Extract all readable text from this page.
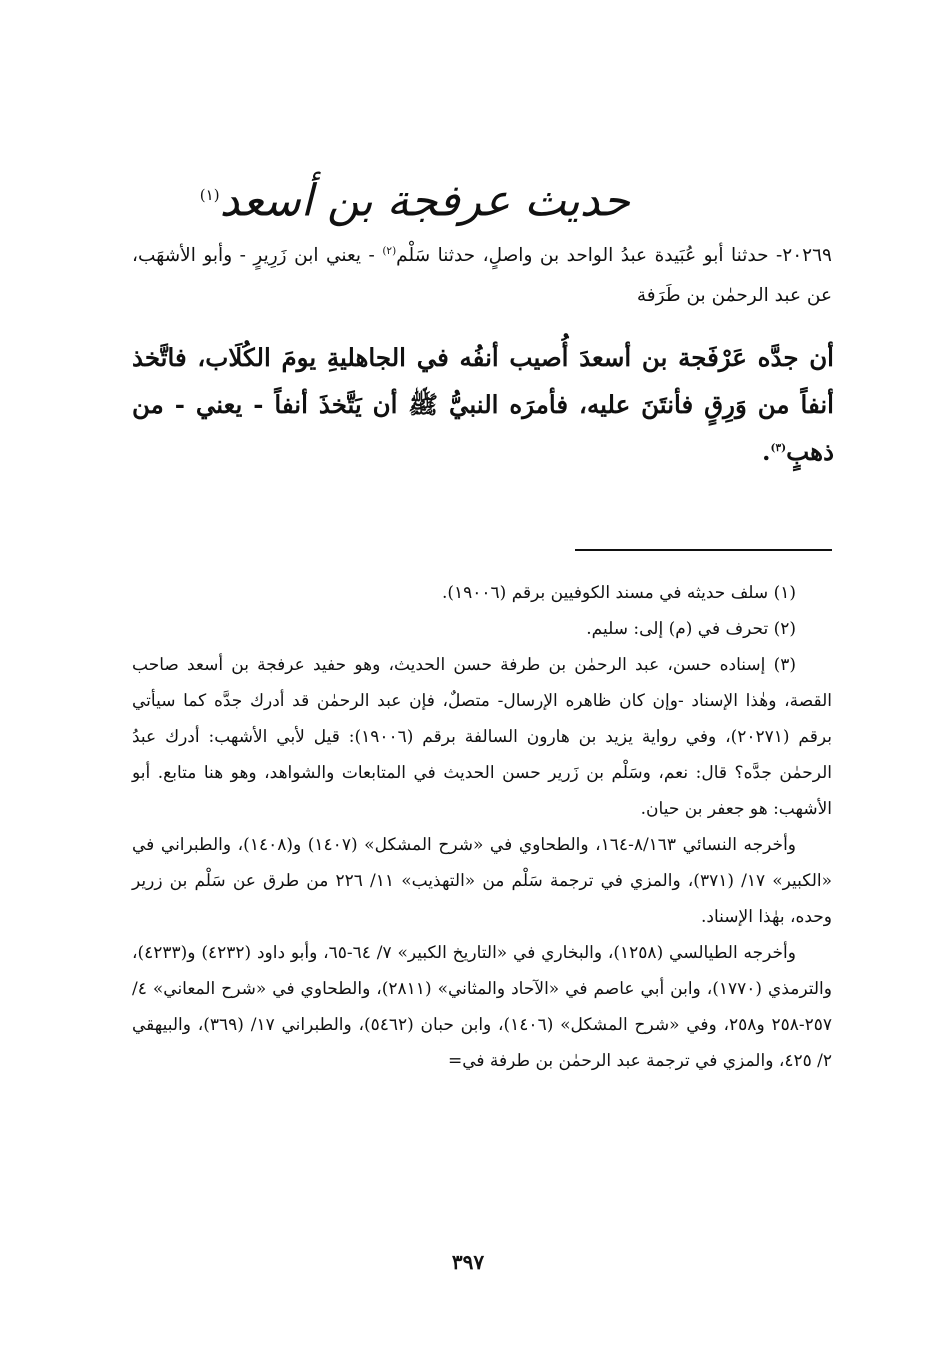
حديث عرفجة بن أسعد$^{(١)}$

٢٠٢٦٩- حدثنا أبو عُبَيدة عبدُ الواحد بن واصلٍ، حدثنا سَلْم$^{(٢)}$ - يعني ابن زَرِيرٍ - وأبو الأشهَب، عن عبد الرحمٰن بن طَرَفة

أن جدَّه عَرْفَجة بن أسعدَ أُصيب أنفُه في الجاهليةِ يومَ الكُلَاب، فاتَّخذ أنفاً من وَرِقٍ فأنتَنَ عليه، فأمرَه النبيُّ ﷺ أن يَتَّخذَ أنفاً - يعني - من ذهبٍ$^{(٣)}$.

(١) سلف حديثه في مسند الكوفيين برقم (١٩٠٠٦).

(٢) تحرف في (م) إلى: سليم.

(٣) إسناده حسن، عبد الرحمٰن بن طرفة حسن الحديث، وهو حفيد عرفجة بن أسعد صاحب القصة، وهٰذا الإسناد -وإن كان ظاهره الإرسال- متصلٌ، فإن عبد الرحمٰن قد أدرك جدَّه كما سيأتي برقم (٢٠٢٧١)، وفي رواية يزيد بن هارون السالفة برقم (١٩٠٠٦): قيل لأبي الأشهب: أدرك عبدُ الرحمٰن جدَّه؟ قال: نعم، وسَلْم بن زَرير حسن الحديث في المتابعات والشواهد، وهو هنا متابع. أبو الأشهب: هو جعفر بن حيان.

وأخرجه النسائي ٨/١٦٣-١٦٤، والطحاوي في «شرح المشكل» (١٤٠٧) و(١٤٠٨)، والطبراني في «الكبير» ١٧/ (٣٧١)، والمزي في ترجمة سَلْم من «التهذيب» ١١/ ٢٢٦ من طرق عن سَلْم بن زرير وحده، بهٰذا الإسناد.

وأخرجه الطيالسي (١٢٥٨)، والبخاري في «التاريخ الكبير» ٧/ ٦٤-٦٥، وأبو داود (٤٢٣٢) و(٤٢٣٣)، والترمذي (١٧٧٠)، وابن أبي عاصم في «الآحاد والمثاني» (٢٨١١)، والطحاوي في «شرح المعاني» ٤/ ٢٥٧-٢٥٨ و٢٥٨، وفي «شرح المشكل» (١٤٠٦)، وابن حبان (٥٤٦٢)، والطبراني ١٧/ (٣٦٩)، والبيهقي ٢/ ٤٢٥، والمزي في ترجمة عبد الرحمٰن بن طرفة في=

٣٩٧
